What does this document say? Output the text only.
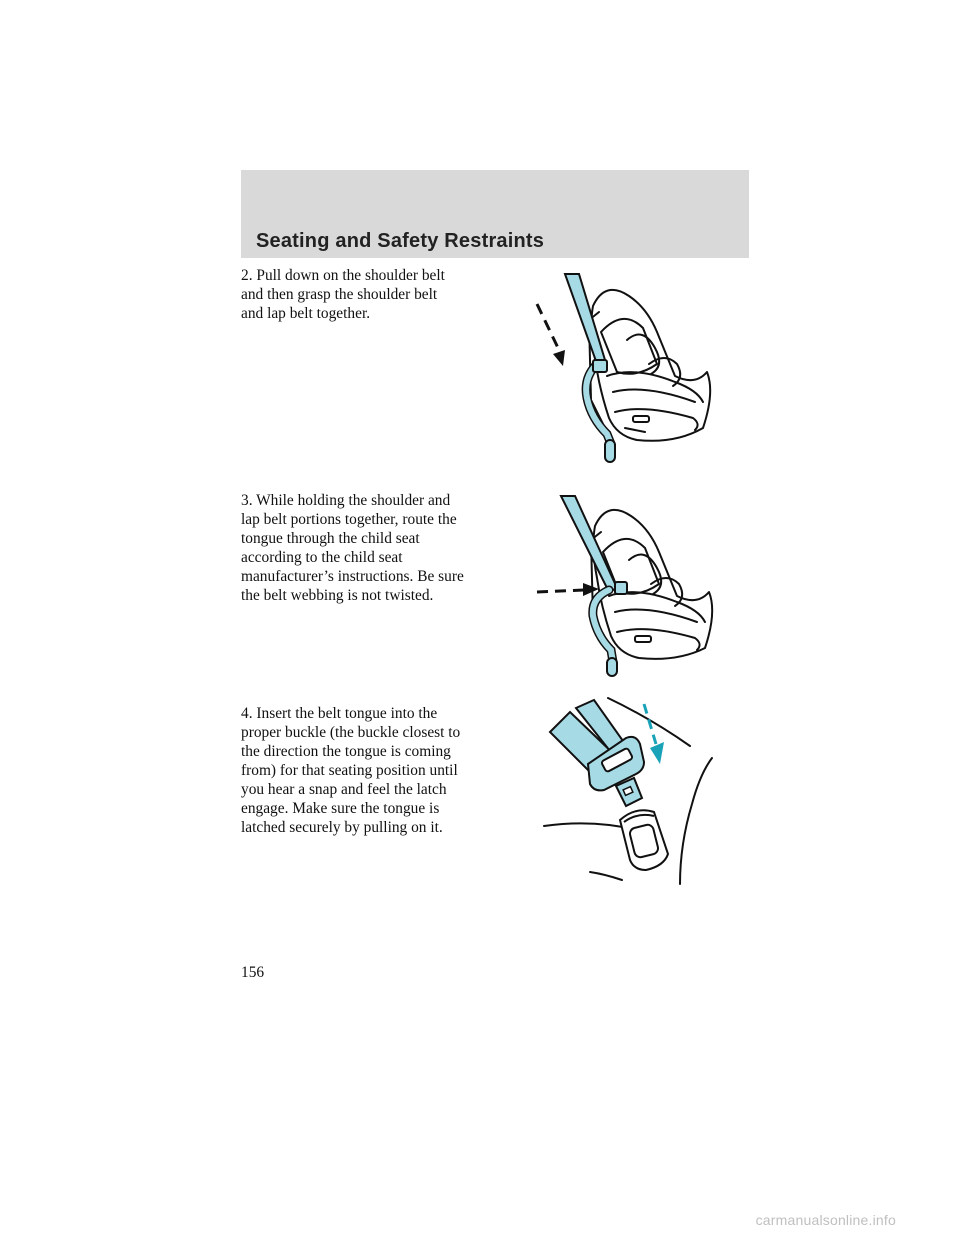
Seating and Safety Restraints

2. Pull down on the shoulder belt
and then grasp the shoulder belt
and lap belt together.

3. While holding the shoulder and
lap belt portions together, route the
tongue through the child seat
according to the child seat
manufacturer’s instructions. Be sure
the belt webbing is not twisted.

4. Insert the belt tongue into the
proper buckle (the buckle closest to
the direction the tongue is coming
from) for that seating position until
you hear a snap and feel the latch
engage. Make sure the tongue is
latched securely by pulling on it.

156

carmanualsonline.info
